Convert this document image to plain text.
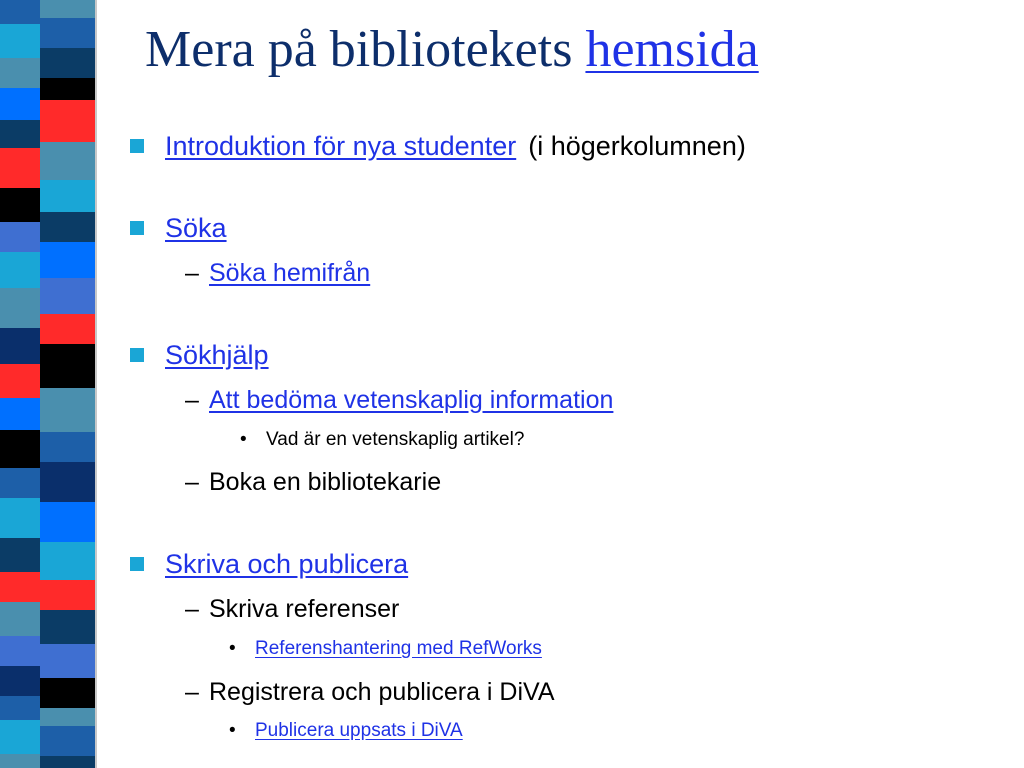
Mera på bibliotekets hemsida
Introduktion för nya studenter (i högerkolumnen)
Söka
– Söka hemifrån
Sökhjälp
– Att bedöma vetenskaplig information
• Vad är en vetenskaplig artikel?
– Boka en bibliotekarie
Skriva och publicera
– Skriva referenser
• Referenshantering med RefWorks
– Registrera och publicera i DiVA
• Publicera uppsats i DiVA
